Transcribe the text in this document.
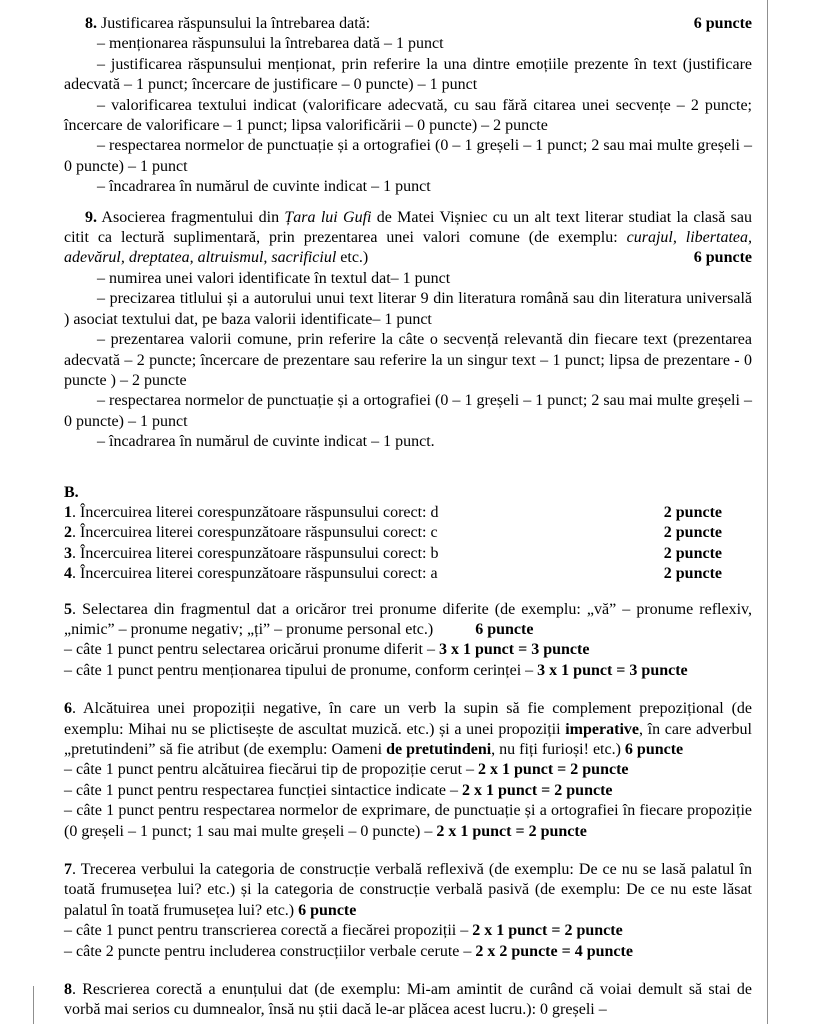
8. Justificarea răspunsului la întrebarea dată:	6 puncte

– menționarea răspunsului la întrebarea dată – 1 punct

– justificarea răspunsului menționat, prin referire la una dintre emoțiile prezente în text (justificare adecvată – 1 punct; încercare de justificare – 0 puncte) – 1 punct

– valorificarea textului indicat (valorificare adecvată, cu sau fără citarea unei secvențe – 2 puncte; încercare de valorificare – 1 punct; lipsa valorificării – 0 puncte) – 2 puncte

– respectarea normelor de punctuație și a ortografiei (0 – 1 greșeli – 1 punct; 2 sau mai multe greșeli – 0 puncte) – 1 punct

– încadrarea în numărul de cuvinte indicat – 1 punct

9. Asocierea fragmentului din Țara lui Gufi de Matei Vișniec cu un alt text literar studiat la clasă sau citit ca lectură suplimentară, prin prezentarea unei valori comune (de exemplu: curajul, libertatea, adevărul, dreptatea, altruismul, sacrificiul etc.)	6 puncte

– numirea unei valori identificate în textul dat– 1 punct

– precizarea titlului și a autorului unui text literar 9 din literatura română sau din literatura universală ) asociat textului dat, pe baza valorii identificate– 1 punct

– prezentarea valorii comune, prin referire la câte o secvență relevantă din fiecare text (prezentarea adecvată – 2 puncte; încercare de prezentare sau referire la un singur text – 1 punct; lipsa de prezentare - 0 puncte ) – 2 puncte

– respectarea normelor de punctuație și a ortografiei (0 – 1 greșeli – 1 punct; 2 sau mai multe greșeli – 0 puncte) – 1 punct

– încadrarea în numărul de cuvinte indicat – 1 punct.

B.

1. Încercuirea literei corespunzătoare răspunsului corect: d	2 puncte

2. Încercuirea literei corespunzătoare răspunsului corect: c	2 puncte

3. Încercuirea literei corespunzătoare răspunsului corect: b	2 puncte

4. Încercuirea literei corespunzătoare răspunsului corect: a	2 puncte

5. Selectarea din fragmentul dat a oricăror trei pronume diferite (de exemplu: „vă” – pronume reflexiv, „nimic” – pronume negativ; „ți” – pronume personal etc.)	6 puncte

– câte 1 punct pentru selectarea oricărui pronume diferit – 3 x 1 punct = 3 puncte

– câte 1 punct pentru menționarea tipului de pronume, conform cerinței – 3 x 1 punct = 3 puncte

6. Alcătuirea unei propoziții negative, în care un verb la supin să fie complement prepozițional (de exemplu: Mihai nu se plictisește de ascultat muzică. etc.) și a unei propoziții imperative, în care adverbul „pretutindeni” să fie atribut (de exemplu: Oameni de pretutindeni, nu fiți furioși! etc.) 6 puncte

– câte 1 punct pentru alcătuirea fiecărui tip de propoziție cerut – 2 x 1 punct = 2 puncte

– câte 1 punct pentru respectarea funcției sintactice indicate – 2 x 1 punct = 2 puncte

– câte 1 punct pentru respectarea normelor de exprimare, de punctuație și a ortografiei în fiecare propoziție (0 greșeli – 1 punct; 1 sau mai multe greșeli – 0 puncte) – 2 x 1 punct = 2 puncte

7. Trecerea verbului la categoria de construcție verbală reflexivă (de exemplu: De ce nu se lasă palatul în toată frumusețea lui? etc.) și la categoria de construcție verbală pasivă (de exemplu: De ce nu este lăsat palatul în toată frumusețea lui? etc.) 6 puncte

– câte 1 punct pentru transcrierea corectă a fiecărei propoziții – 2 x 1 punct = 2 puncte

– câte 2 puncte pentru includerea construcțiilor verbale cerute – 2 x 2 puncte = 4 puncte

8. Rescrierea corectă a enunțului dat (de exemplu: Mi-am amintit de curând că voiai demult să stai de vorbă mai serios cu dumnealor, însă nu știi dacă le-ar plăcea acest lucru.): 0 greșeli –
